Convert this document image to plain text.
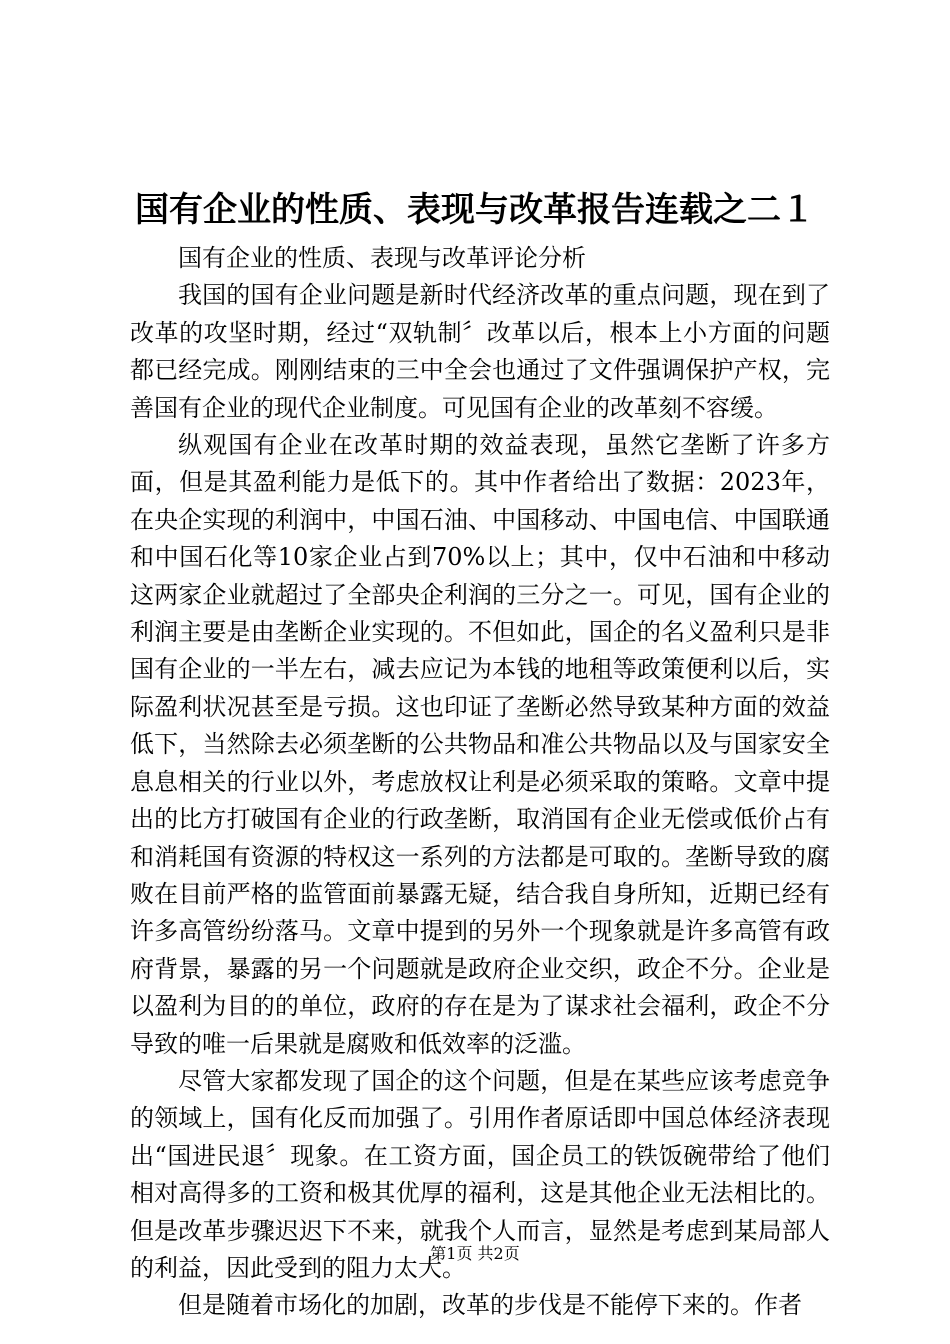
国有企业的性质、表现与改革报告连载之二１

国有企业的性质、表现与改革评论分析

我国的国有企业问题是新时代经济改革的重点问题，现在到了改革的攻坚时期，经过“双轨制〞改革以后，根本上小方面的问题都已经完成。刚刚结束的三中全会也通过了文件强调保护产权，完善国有企业的现代企业制度。可见国有企业的改革刻不容缓。

纵观国有企业在改革时期的效益表现，虽然它垄断了许多方面，但是其盈利能力是低下的。其中作者给出了数据：2023年，在央企实现的利润中，中国石油、中国移动、中国电信、中国联通和中国石化等10家企业占到70%以上；其中，仅中石油和中移动这两家企业就超过了全部央企利润的三分之一。可见，国有企业的利润主要是由垄断企业实现的。不但如此，国企的名义盈利只是非国有企业的一半左右，减去应记为本钱的地租等政策便利以后，实际盈利状况甚至是亏损。这也印证了垄断必然导致某种方面的效益低下，当然除去必须垄断的公共物品和准公共物品以及与国家安全息息相关的行业以外，考虑放权让利是必须采取的策略。文章中提出的比方打破国有企业的行政垄断，取消国有企业无偿或低价占有和消耗国有资源的特权这一系列的方法都是可取的。垄断导致的腐败在目前严格的监管面前暴露无疑，结合我自身所知，近期已经有许多高管纷纷落马。文章中提到的另外一个现象就是许多高管有政府背景，暴露的另一个问题就是政府企业交织，政企不分。企业是以盈利为目的的单位，政府的存在是为了谋求社会福利，政企不分导致的唯一后果就是腐败和低效率的泛滥。

尽管大家都发现了国企的这个问题，但是在某些应该考虑竞争的领域上，国有化反而加强了。引用作者原话即中国总体经济表现出“国进民退〞现象。在工资方面，国企员工的铁饭碗带给了他们相对高得多的工资和极其优厚的福利，这是其他企业无法相比的。但是改革步骤迟迟下不来，就我个人而言，显然是考虑到某局部人的利益，因此受到的阻力太大。

但是随着市场化的加剧，改革的步伐是不能停下来的。作者

第1页 共2页
